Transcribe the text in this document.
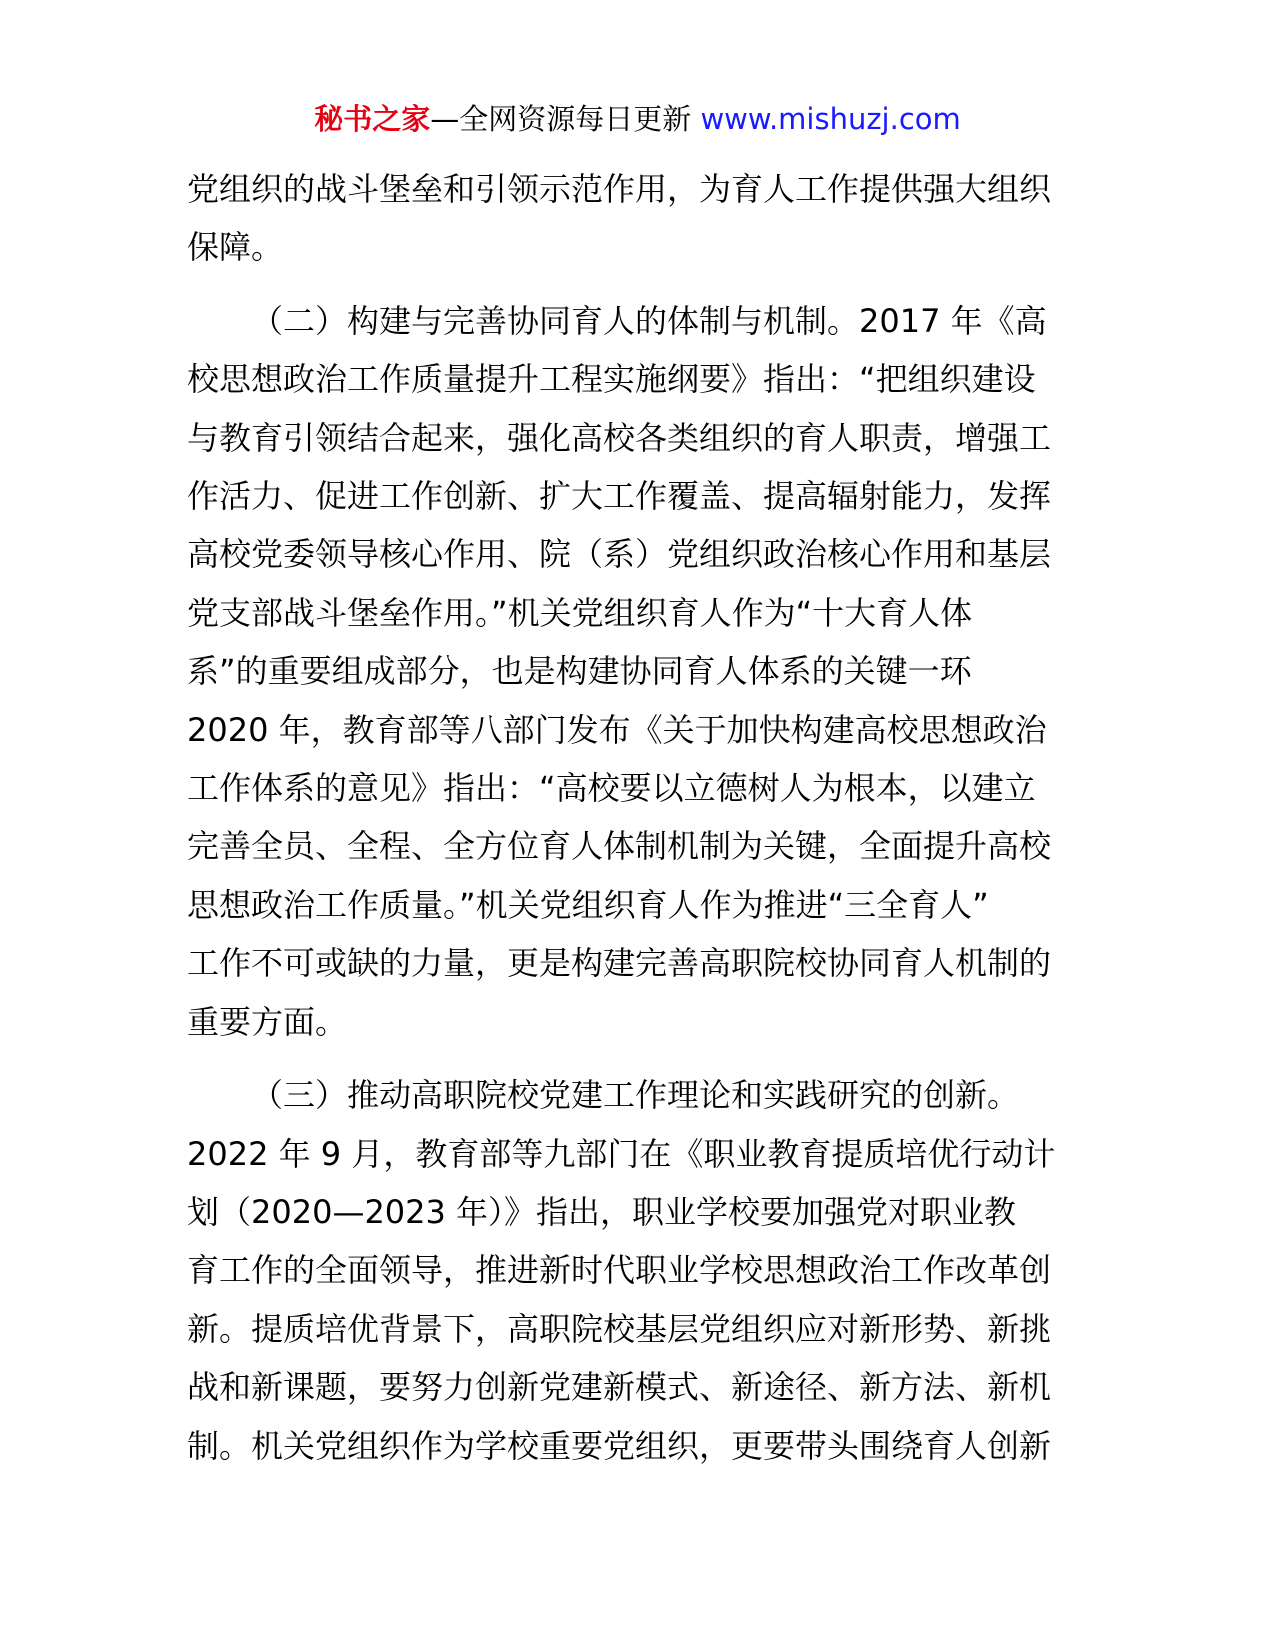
秘书之家—全网资源每日更新 www.mishuzj.com

党组织的战斗堡垒和引领示范作用，为育人工作提供强大组织
保障。

（二）构建与完善协同育人的体制与机制。2017 年《高
校思想政治工作质量提升工程实施纲要》指出：“把组织建设
与教育引领结合起来，强化高校各类组织的育人职责，增强工
作活力、促进工作创新、扩大工作覆盖、提高辐射能力，发挥
高校党委领导核心作用、院（系）党组织政治核心作用和基层
党支部战斗堡垒作用。”机关党组织育人作为“十大育人体
系”的重要组成部分，也是构建协同育人体系的关键一环
2020 年，教育部等八部门发布《关于加快构建高校思想政治
工作体系的意见》指出：“高校要以立德树人为根本，以建立
完善全员、全程、全方位育人体制机制为关键，全面提升高校
思想政治工作质量。”机关党组织育人作为推进“三全育人”
工作不可或缺的力量，更是构建完善高职院校协同育人机制的
重要方面。

（三）推动高职院校党建工作理论和实践研究的创新。
2022 年 9 月，教育部等九部门在《职业教育提质培优行动计
划（2020—2023 年）》指出，职业学校要加强党对职业教
育工作的全面领导，推进新时代职业学校思想政治工作改革创
新。提质培优背景下，高职院校基层党组织应对新形势、新挑
战和新课题，要努力创新党建新模式、新途径、新方法、新机
制。机关党组织作为学校重要党组织，更要带头围绕育人创新
